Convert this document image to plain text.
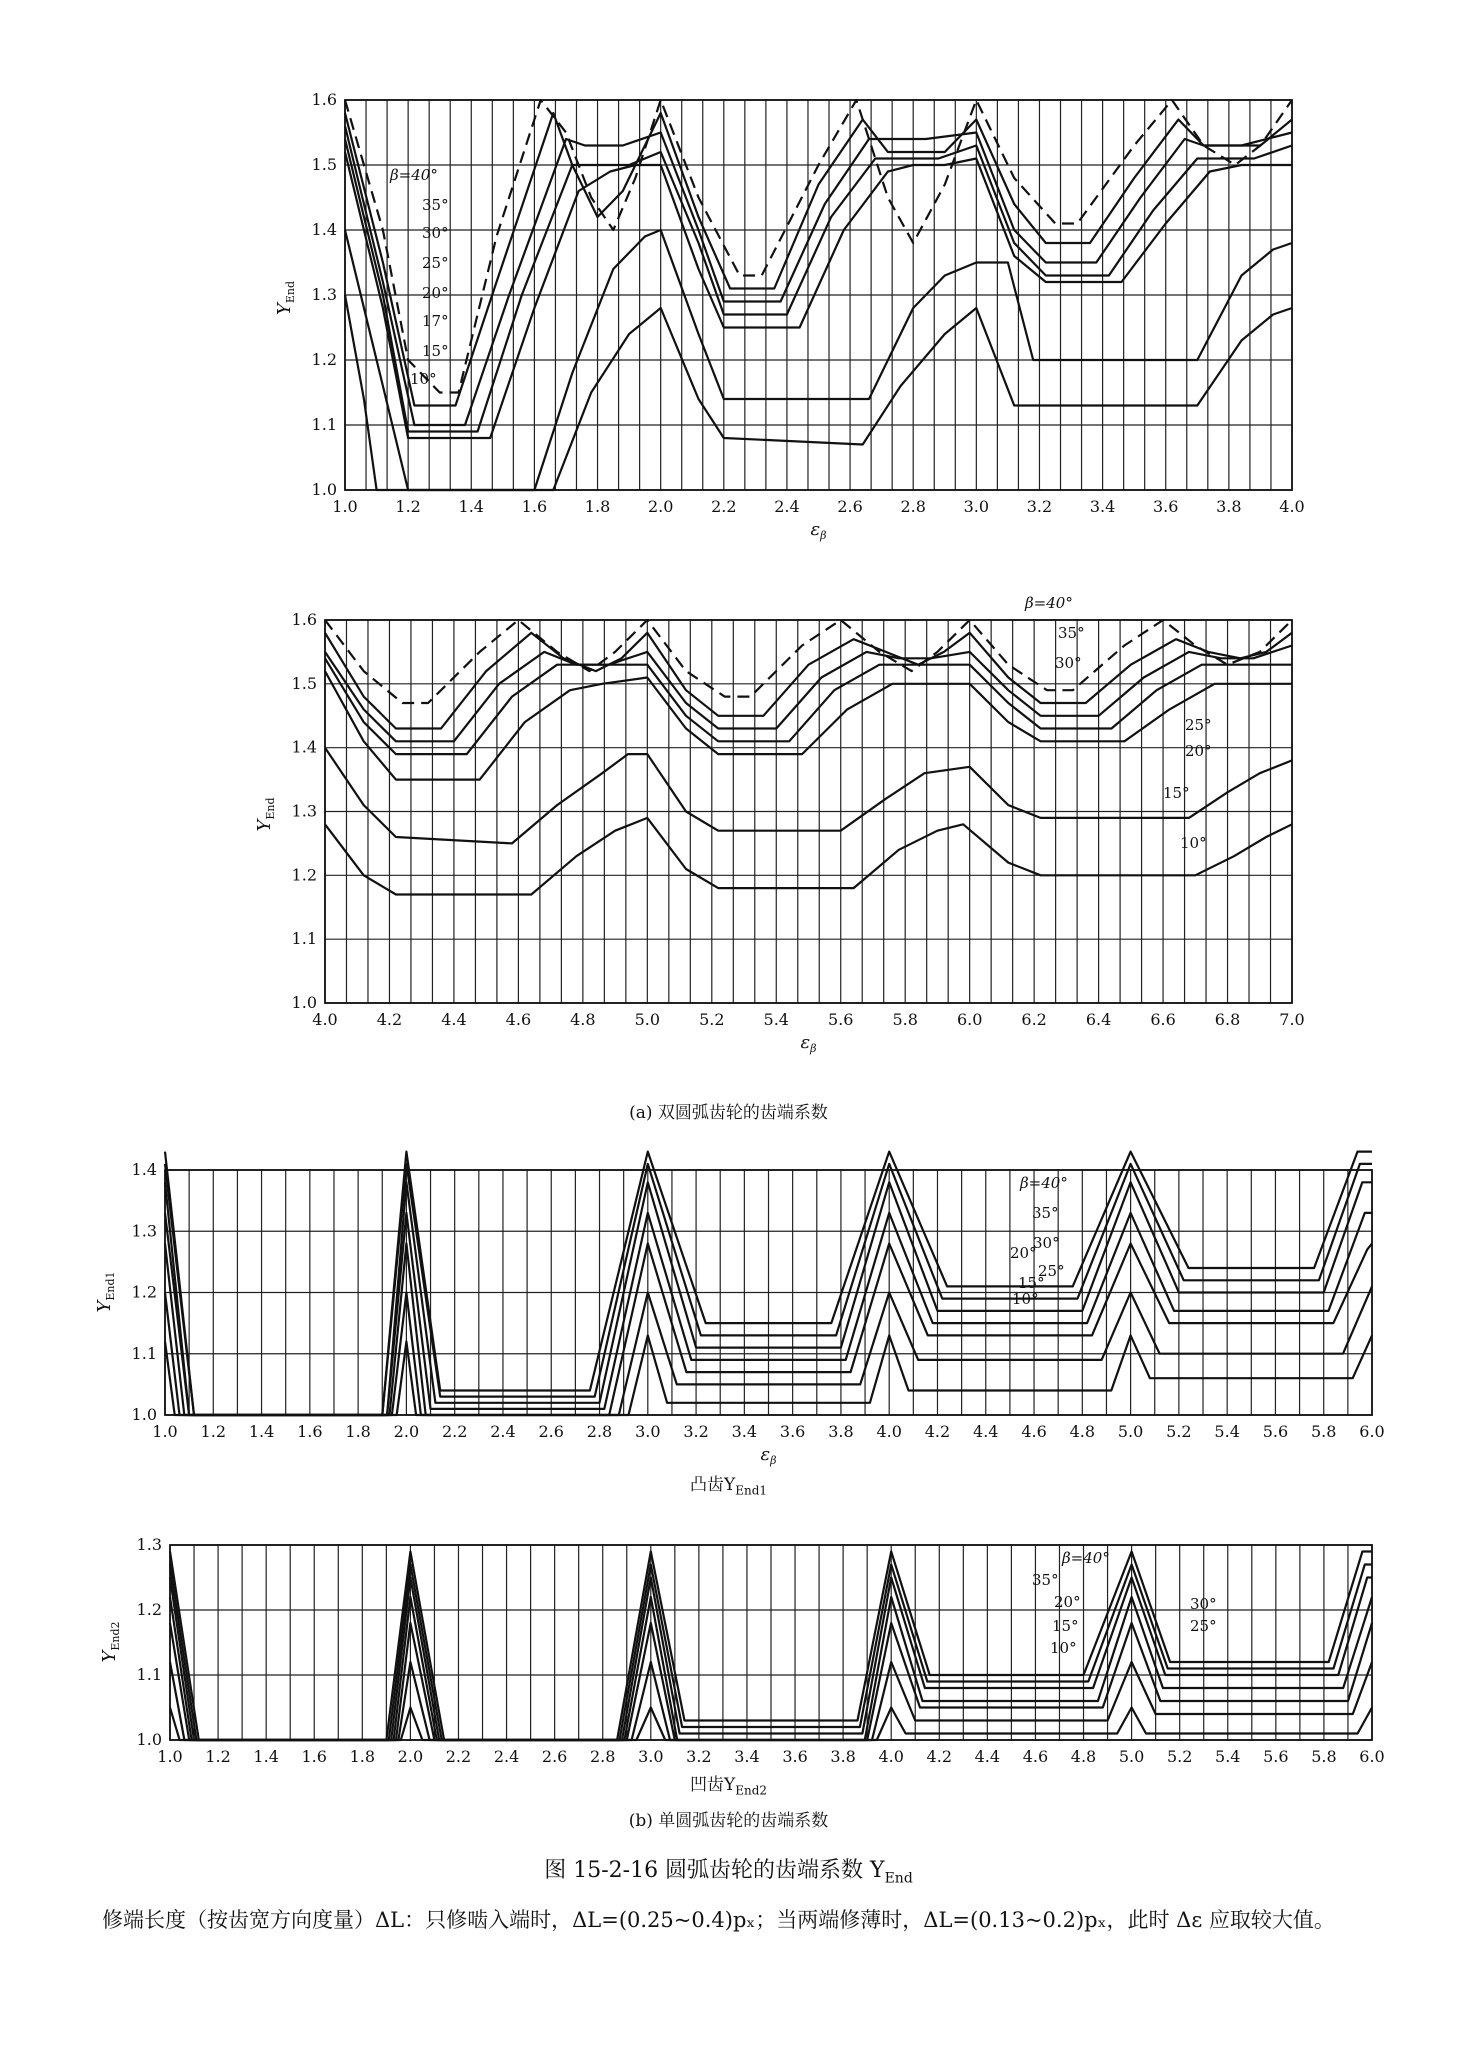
1.0 1.2 1.4 1.6 1.8 2.0 2.2 2.4 2.6 2.8 3.0 3.2 3.4 3.6 3.8 4.0
1.0
1.1
1.2
1.3
1.4
1.5
1.6
$Y_{End}$
$\varepsilon_\beta$
β=40°
35°
30°
25°
20°
17°
15°
10°
4.0 4.2 4.4 4.6 4.8 5.0 5.2 5.4 5.6 5.8 6.0 6.2 6.4 6.6 6.8 7.0
1.0
1.1
1.2
1.3
1.4
1.5
1.6
$Y_{End}$
$\varepsilon_\beta$
β=40°
35°
30°
25°
20°
15°
10°
(a) 双圆弧齿轮的齿端系数
1.0 1.2 1.4 1.6 1.8 2.0 2.2 2.4 2.6 2.8 3.0 3.2 3.4 3.6 3.8 4.0 4.2 4.4 4.6 4.8 5.0 5.2 5.4 5.6 5.8 6.0
1.0
1.1
1.2
1.3
1.4
$Y_{End1}$
$\varepsilon_\beta$
β=40°
35°
30°
25°
20°
15°
10°
凸齿$Y_{End1}$
1.0 1.2 1.4 1.6 1.8 2.0 2.2 2.4 2.6 2.8 3.0 3.2 3.4 3.6 3.8 4.0 4.2 4.4 4.6 4.8 5.0 5.2 5.4 5.6 5.8 6.0
1.0
1.1
1.2
1.3
$Y_{End2}$
β=40°
35°
30°
25°
20°
15°
10°
凹齿$Y_{End2}$
(b) 单圆弧齿轮的齿端系数
图 15-2-16 圆弧齿轮的齿端系数 $Y_{End}$
修端长度（按齿宽方向度量）ΔL：只修啮入端时，ΔL=(0.25~0.4)pₓ；当两端修薄时，ΔL=(0.13~0.2)pₓ，此时 Δε 应取较大值。
